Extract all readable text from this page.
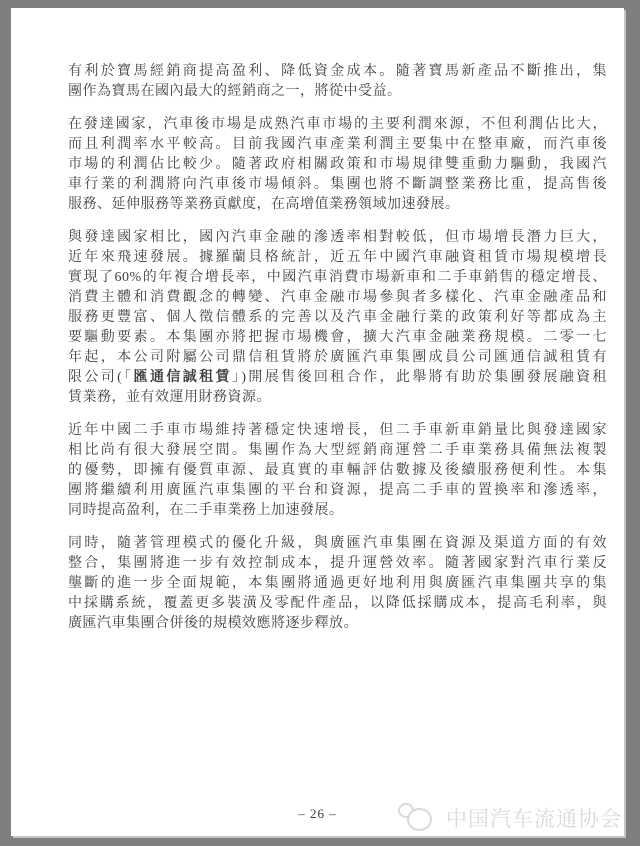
有利於寶馬經銷商提高盈利、降低資金成本。隨著寶馬新產品不斷推出，集
團作為寶馬在國內最大的經銷商之一，將從中受益。
在發達國家，汽車後市場是成熟汽車市場的主要利潤來源，不但利潤佔比大，
而且利潤率水平較高。目前我國汽車產業利潤主要集中在整車廠，而汽車後
市場的利潤佔比較少。隨著政府相關政策和市場規律雙重動力驅動，我國汽
車行業的利潤將向汽車後市場傾斜。集團也將不斷調整業務比重，提高售後
服務、延伸服務等業務貢獻度，在高增值業務領域加速發展。
與發達國家相比，國內汽車金融的滲透率相對較低，但市場增長潛力巨大，
近年來飛速發展。據羅蘭貝格統計，近五年中國汽車融資租賃市場規模增長
實現了60%的年複合增長率，中國汽車消費市場新車和二手車銷售的穩定增長、
消費主體和消費觀念的轉變、汽車金融市場參與者多樣化、汽車金融產品和
服務更豐富、個人徵信體系的完善以及汽車金融行業的政策利好等都成為主
要驅動要素。本集團亦將把握市場機會，擴大汽車金融業務規模。二零一七
年起，本公司附屬公司鼎信租賃將於廣匯汽車集團成員公司匯通信誠租賃有
限公司(「匯通信誠租賃」)開展售後回租合作，此舉將有助於集團發展融資租
賃業務，並有效運用財務資源。
近年中國二手車市場維持著穩定快速增長，但二手車新車銷量比與發達國家
相比尚有很大發展空間。集團作為大型經銷商運營二手車業務具備無法複製
的優勢，即擁有優質車源、最真實的車輛評估數據及後續服務便利性。本集
團將繼續利用廣匯汽車集團的平台和資源，提高二手車的置換率和滲透率，
同時提高盈利，在二手車業務上加速發展。
同時，隨著管理模式的優化升級，與廣匯汽車集團在資源及渠道方面的有效
整合，集團將進一步有效控制成本，提升運營效率。隨著國家對汽車行業反
壟斷的進一步全面規範，本集團將通過更好地利用與廣匯汽車集團共享的集
中採購系統，覆蓋更多裝潢及零配件產品，以降低採購成本，提高毛利率，與
廣匯汽車集團合併後的規模效應將逐步釋放。
– 26 –	中国汽车流通协会
